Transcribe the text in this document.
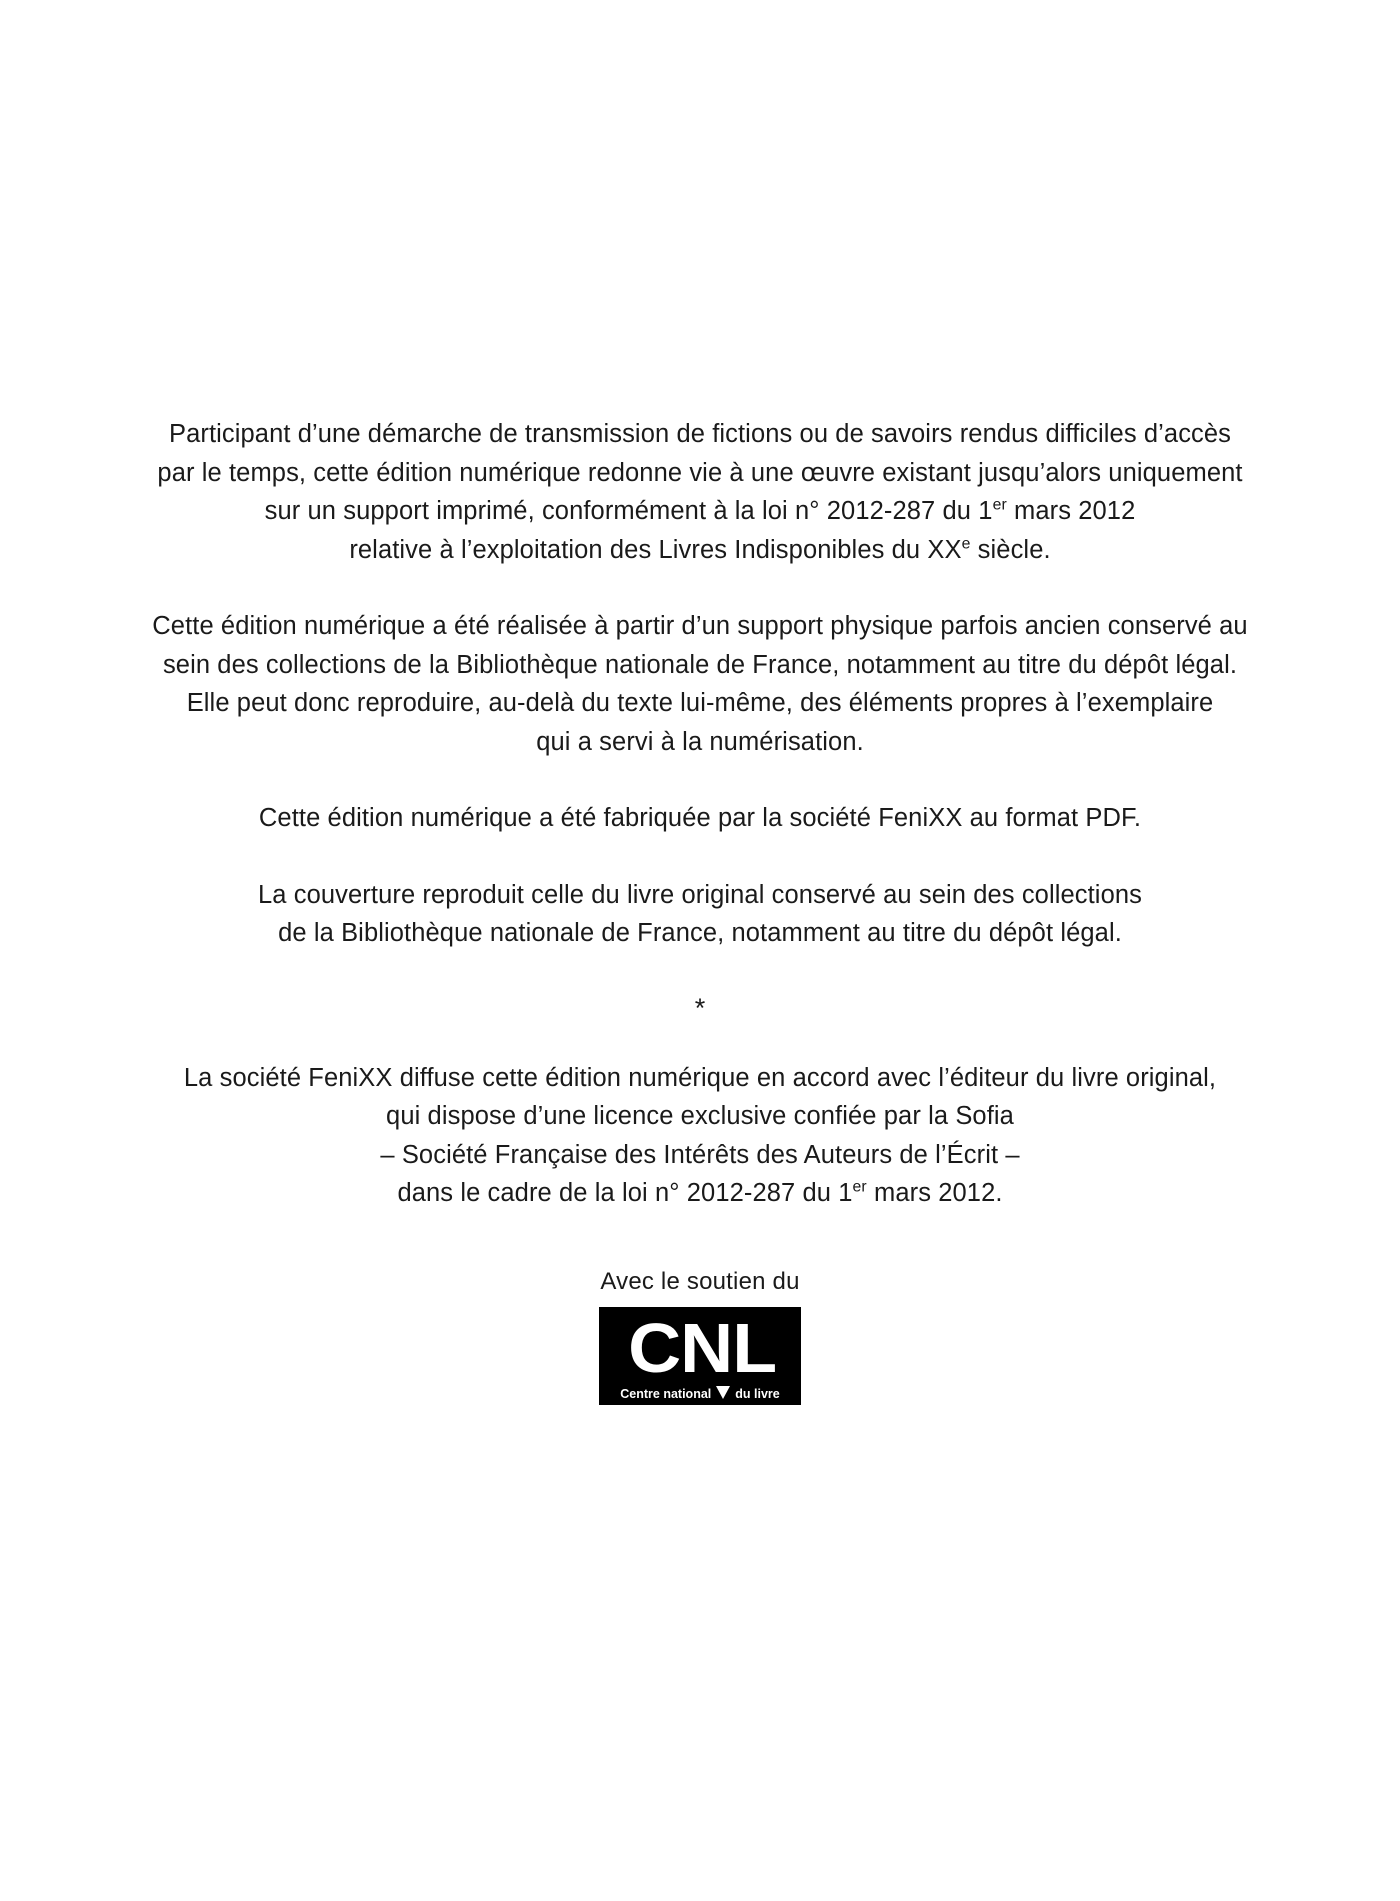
Participant d’une démarche de transmission de fictions ou de savoirs rendus difficiles d’accès
par le temps, cette édition numérique redonne vie à une œuvre existant jusqu’alors uniquement
sur un support imprimé, conformément à la loi n° 2012-287 du 1er mars 2012
relative à l’exploitation des Livres Indisponibles du XXe siècle.

Cette édition numérique a été réalisée à partir d’un support physique parfois ancien conservé au
sein des collections de la Bibliothèque nationale de France, notamment au titre du dépôt légal.
Elle peut donc reproduire, au-delà du texte lui-même, des éléments propres à l’exemplaire
qui a servi à la numérisation.

Cette édition numérique a été fabriquée par la société FeniXX au format PDF.

La couverture reproduit celle du livre original conservé au sein des collections
de la Bibliothèque nationale de France, notamment au titre du dépôt légal.

*

La société FeniXX diffuse cette édition numérique en accord avec l’éditeur du livre original,
qui dispose d’une licence exclusive confiée par la Sofia
– Société Française des Intérêts des Auteurs de l’Écrit –
dans le cadre de la loi n° 2012-287 du 1er mars 2012.

Avec le soutien du
CNL
Centre national du livre
